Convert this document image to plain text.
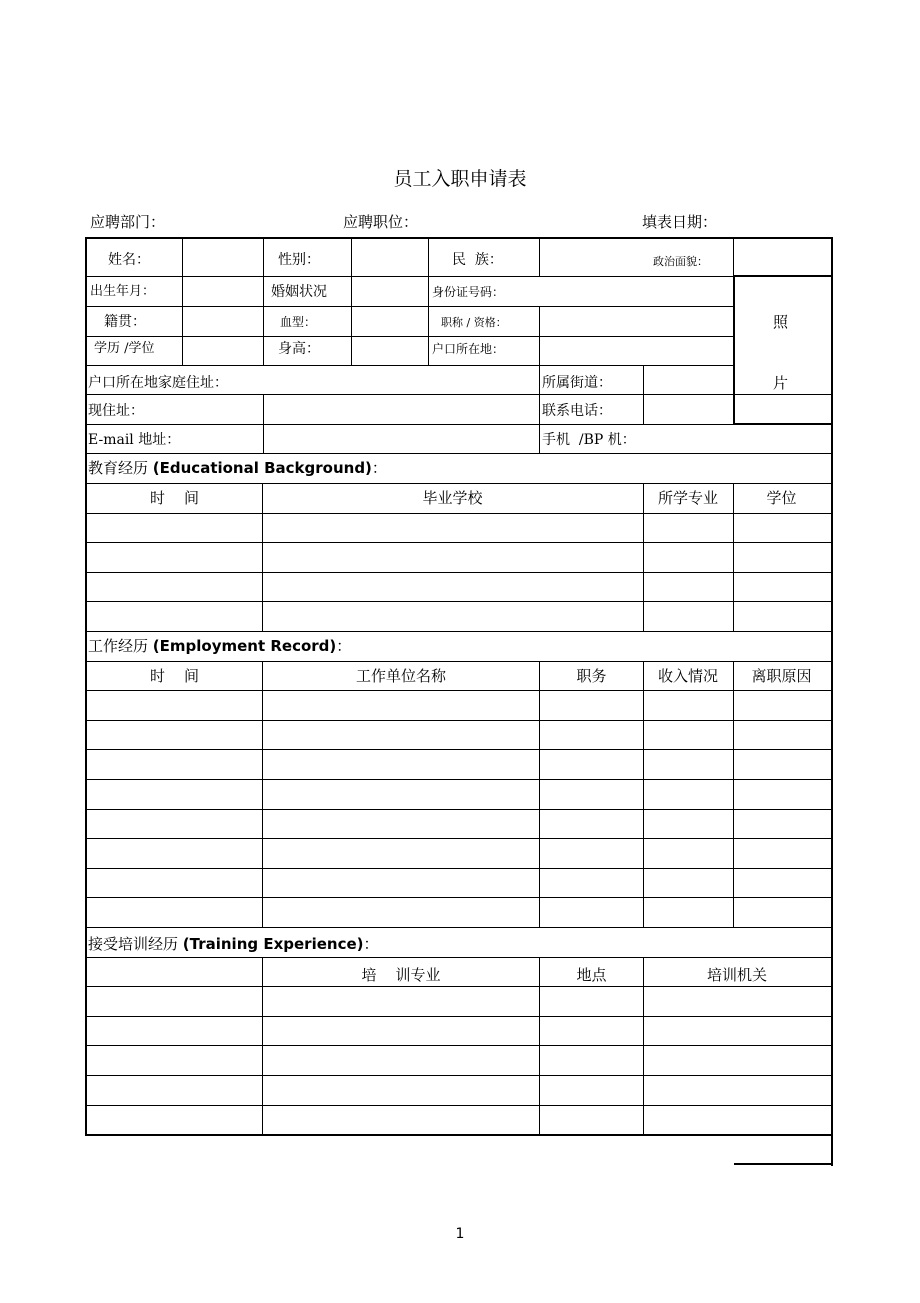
员工入职申请表
应聘部门：	应聘职位：	填表日期：
姓名：	性别：	民  族：	政治面貌：
出生年月：	婚姻状况	身份证号码：
籍贯：	血型：	职称 / 资格：
学历 /学位	身高：	户口所在地：
照
片
户口所在地家庭住址：	所属街道：
现住址：	联系电话：
E-mail 地址：	手机  /BP 机：
教育经历 (Educational Background)：
时    间	毕业学校	所学专业	学位
工作经历 (Employment Record)：
时    间	工作单位名称	职务	收入情况	离职原因
接受培训经历 (Training Experience)：
培    训专业	地点	培训机关
1
